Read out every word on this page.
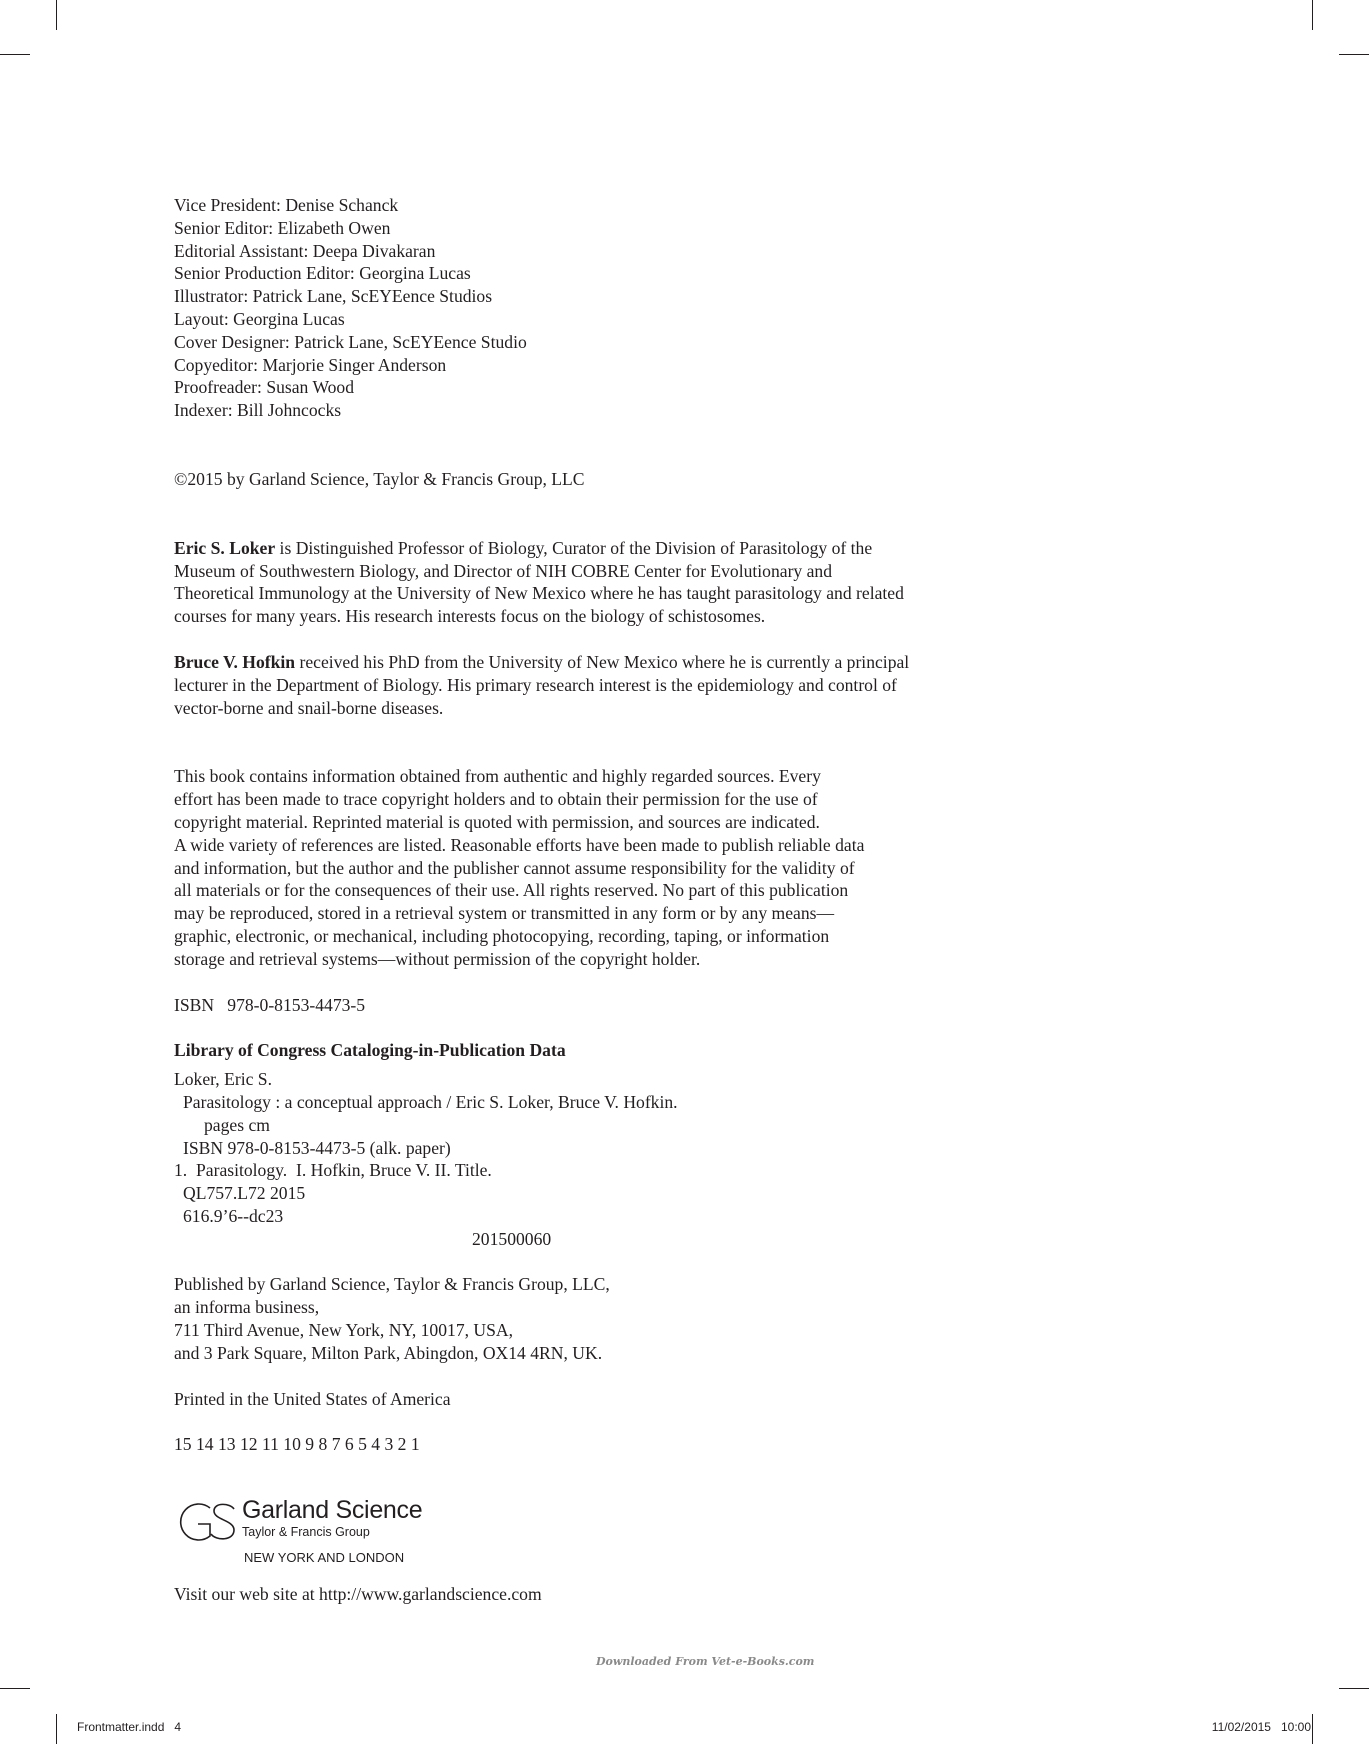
Vice President: Denise Schanck
Senior Editor: Elizabeth Owen
Editorial Assistant: Deepa Divakaran
Senior Production Editor: Georgina Lucas
Illustrator: Patrick Lane, ScEYEence Studios
Layout: Georgina Lucas
Cover Designer: Patrick Lane, ScEYEence Studio
Copyeditor: Marjorie Singer Anderson
Proofreader: Susan Wood
Indexer: Bill Johncocks
©2015 by Garland Science, Taylor & Francis Group, LLC
Eric S. Loker is Distinguished Professor of Biology, Curator of the Division of Parasitology of the Museum of Southwestern Biology, and Director of NIH COBRE Center for Evolutionary and Theoretical Immunology at the University of New Mexico where he has taught parasitology and related courses for many years. His research interests focus on the biology of schistosomes.
Bruce V. Hofkin received his PhD from the University of New Mexico where he is currently a principal lecturer in the Department of Biology. His primary research interest is the epidemiology and control of vector-borne and snail-borne diseases.
This book contains information obtained from authentic and highly regarded sources. Every
effort has been made to trace copyright holders and to obtain their permission for the use of
copyright material. Reprinted material is quoted with permission, and sources are indicated.
A wide variety of references are listed. Reasonable efforts have been made to publish reliable data
and information, but the author and the publisher cannot assume responsibility for the validity of
all materials or for the consequences of their use. All rights reserved. No part of this publication
may be reproduced, stored in a retrieval system or transmitted in any form or by any means—
graphic, electronic, or mechanical, including photocopying, recording, taping, or information
storage and retrieval systems—without permission of the copyright holder.
ISBN   978-0-8153-4473-5
Library of Congress Cataloging-in-Publication Data
Loker, Eric S.
Parasitology : a conceptual approach / Eric S. Loker, Bruce V. Hofkin.
pages cm
ISBN 978-0-8153-4473-5 (alk. paper)
1.  Parasitology.  I. Hofkin, Bruce V. II. Title.
QL757.L72 2015
616.9’6--dc23
201500060
Published by Garland Science, Taylor & Francis Group, LLC,
an informa business,
711 Third Avenue, New York, NY, 10017, USA,
and 3 Park Square, Milton Park, Abingdon, OX14 4RN, UK.
Printed in the United States of America
15 14 13 12 11 10 9 8 7 6 5 4 3 2 1
Garland Science
Taylor & Francis Group
NEW YORK AND LONDON
Visit our web site at http://www.garlandscience.com
Downloaded From Vet-e-Books.com
Frontmatter.indd   4	11/02/2015   10:00
